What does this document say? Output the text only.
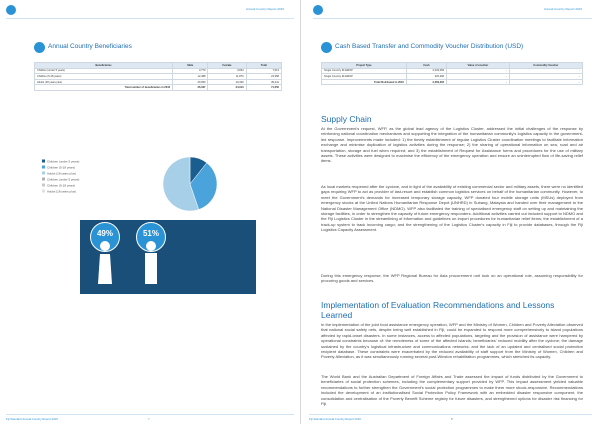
Annual Country Report 2016
Annual Country Beneficiaries
Beneficiaries	Male	Female	Total
Children (under 5 years)	3,779	3,834	7,613
Children (5-18 years)	12,488	11,870	24,358
Adults (18 years plus)	20,050	19,309	39,441
Total number of beneficiaries in 2016	36,337	34,913	71,250
Children (under 5 years)
Children (5-18 years)
Adults (18 years plus)
Children (under 5 years)
Children (5-18 years)
Adults (18 years plus)
49%	51%
Fiji Standard Annual Country Report 2016	7
Annual Country Report 2016
Cash Based Transfer and Commodity Voucher Distribution (USD)
Project Type	Cash	Value of voucher	Commodity Voucher
Single Country IR-EMOP	2,043,066	-	-
Single Country IR-EMOP	226,296	-	-
Total Distributed in 2016	2,269,362	-	-
Supply Chain
At the Government's request, WFP, as the global lead agency of the Logistics Cluster, addressed the initial challenges of the response by reinforcing national coordination mechanisms and supporting the integration of the humanitarian community's logistics capacity in the government-led response. Improvements made included: 1) the timely establishment of regular Logistics Cluster coordination meetings to facilitate information exchange and minimise duplication of logistics activities during the response; 2) the sharing of operational information on sea, road and air transportation, storage and fuel when required; and 3) the establishment of Request for Assistance forms and procedures for the use of military assets. These activities were designed to maximise the efficiency of the emergency operation and ensure an uninterrupted flow of life-saving relief items.
As local markets reopened after the cyclone, and in light of the availability of existing commercial sector and military assets, there were no identified gaps requiring WFP to act as provider of last-resort and establish common logistics services on behalf of the humanitarian community. However, to meet the Government's demands for increased temporary storage capacity, WFP donated four mobile storage units (MSUs) deployed from emergency stocks at the United Nations Humanitarian Response Depot (UNHRD) in Subang, Malaysia and handed over their management to the National Disaster Management Office (NDMO). WFP also facilitated the training of specialised emergency staff on setting up and maintaining the storage facilities, in order to strengthen the capacity of future emergency responders. Additional activities carried out included support to NDMO and the Fiji Logistics Cluster in the streamlining of information and guidelines on import procedures for humanitarian relief items; the establishment of a track-up system to track incoming cargo; and the strengthening of the Logistics Cluster's capacity in Fiji to provide databases, through the Fiji Logistics Capacity Assessment.
During this emergency response, the WFP Regional Bureau for Asia procurement unit took on an operational role, assuming responsibility for procuring goods and services.
Implementation of Evaluation Recommendations and Lessons Learned
In the implementation of the joint food assistance emergency operation, WFP and the Ministry of Women, Children and Poverty Alleviation observed that national social safety nets, despite being well established in Fiji, could be expanded to respond more comprehensively to island populations affected by rapid-onset disasters. In some instances, access to affected populations, targeting and the provision of assistance were hampered by operational constraints because of: the remoteness of some of the affected islands; beneficiaries' reduced mobility after the cyclone; the damage sustained by the country's logistical infrastructure and communications networks; and the lack of an updated and centralised social protection recipient database. These constraints were exacerbated by the reduced availability of staff support from the Ministry of Women, Children and Poverty Alleviation, as it was simultaneously running several post-Winston rehabilitation programmes, which stretched its capacity.
The World Bank and the Australian Department of Foreign Affairs and Trade assessed the impact of funds distributed by the Government to beneficiaries of social protection schemes, including the complementary support provided by WFP. This impact assessment yielded valuable recommendations to further strengthen the Government's social protection programmes to make them more shock-responsive. Recommendations included the development of an institutionalised Social Protection Policy Framework with an embedded disaster responsive component, the consolidation and centralisation of the Poverty Benefit Scheme registry for future disasters, and strengthened options for disaster risk financing for Fiji.
Fiji Standard Annual Country Report 2016	8
